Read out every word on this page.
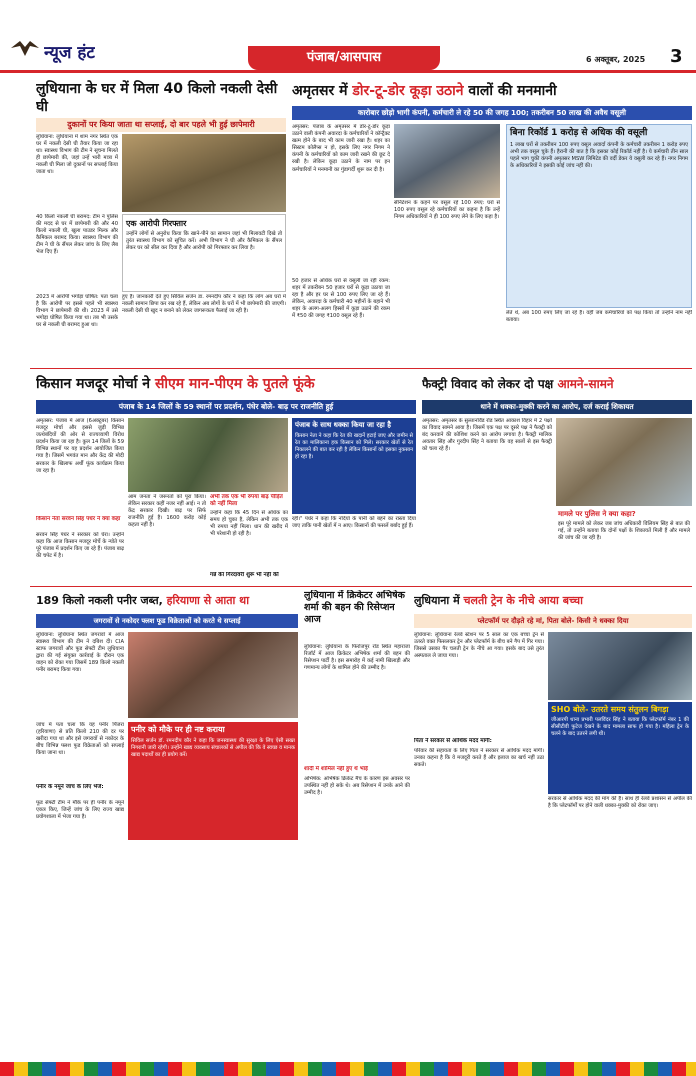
न्यूज हंट	पंजाब/आसपास	6 अक्तूबर, 2025 3
लुधियाना के घर में मिला 40 किलो नकली देसी घी
दुकानों पर किया जाता था सप्लाई, दो बार पहले भी हुई छापेमारी
लुधियाना: लुधियाना में शाम नगर स्थित एक घर में नकली देसी घी तैयार किया जा रहा था। स्वास्थ्य विभाग की टीम ने सूचना मिलते ही छापेमारी की, जहां उन्हें भारी मात्रा में नकली घी मिला जो दुकानों पर सप्लाई किया जाता था।
40 किलो नकली घी बरामद: टीम ने पुलिस की मदद से घर में छापेमारी की और 40 किलो नकली घी, खुला पाउडर मिल्क और कैमिकल बरामद किया। स्वास्थ्य विभाग की टीम ने घी के सैंपल लेकर जांच के लिए लैब भेज दिए हैं।
2023 में आरोपी भगोड़ा घोषित: पता चला है कि आरोपी पर इससे पहले भी स्वास्थ्य विभाग ने छापेमारी की थी। 2023 में उसे भगोड़ा घोषित किया गया था। तब भी उसके घर से नकली घी बरामद हुआ था।
एक आरोपी गिरफ्तार
उन्होंने लोगों से अनुरोध किया कि खाने-पीने का सामान जहां भी मिलावटी दिखे तो तुरंत स्वास्थ्य विभाग को सूचित करें। अभी विभाग ने घी और कैमिकल के सैंपल लेकर घर को सील कर दिया है और आरोपी को गिरफ्तार कर लिया है।
हुए हैं। जानकारी देते हुए सिविल सर्जन डा. रमनदीप कौर ने कहा कि लोग अब घरों में नकली सामान छिपा कर रख रहे हैं, लेकिन अब लोगों के घरों में भी छापेमारी की जाएगी। नकली देसी घी खुद न बनाने को लेकर जागरूकता फैलाई जा रही है।
अमृतसर में डोर-टू-डोर कूड़ा उठाने वालों की मनमानी
कारोबार छोड़ो भागी कंपनी, कर्मचारी ले रहे 50 की जगह 100; तकरीबन 50 लाख की अवैध वसूली
अमृतसर: पंजाब के अमृतसर में डोर-टू-डोर कूड़ा उठाने वाली कंपनी अवारदा के कर्मचारियों ने कॉन्ट्रैक्ट खत्म होने के बाद भी काम जारी रखा है। शहर का सिस्टम कोलैप्स न हो, इसके लिए नगर निगम ने कंपनी के कर्मचारियों को काम जारी रखने की छूट दे रखी है। लेकिन कूड़ा उठाने के नाम पर इन कर्मचारियों ने मनमानी का गुंडागर्दी शुरू कर दी है।
50 हजार से अधिक घरों से वसूली जा रही रकम: शहर में तकरीबन 50 हजार घरों से कूड़ा उठाया जा रहा है और हर घर से 100 रुपए लिए जा रहे हैं। लेकिन, अवारदा के कर्मचारी 40 महीनों के बहाने भी शहर के अलग-अलग हिस्सों में कूड़ा उठाने की रकम में ₹50 की जगह ₹100 वसूल रहे हैं।
सेनिटेशन के कहने पर वसूल रहे 100 रुपए: घरों से 100 रुपए वसूल रहे कर्मचारियों का कहना है कि उन्हें निगम अधिकारियों ने ही 100 रुपए लेने के लिए कहा है।
बिना रिकॉर्ड 1 करोड़ से अधिक की वसूली
1 लाख घरों से तकरीबन 100 रुपए वसूल अवार्दा कंपनी के कर्मचारी तकरीबन 1 करोड़ रुपए अभी तक वसूल चुके हैं। हैरानी की बात है कि इसका कोई रिकॉर्ड नहीं है। ये कर्मचारी तीन साल पहले भाग चुकी कंपनी अमृतसर MSW लिमिटेड की वर्दी डेकर ये वसूली कर रहे हैं। नगर निगम के अधिकारियों ने इसकी कोई जांच नहीं की।
लेते थे, अब 100 रुपए लिए जा रहे हैं। वहीं जब कर्मचारियों को पक्ष किया तो उन्होंने नाम नहीं बताया।
किसान मजदूर मोर्चा ने सीएम मान-पीएम के पुतले फूंके
पंजाब के 14 जिलों के 59 स्थानों पर प्रदर्शन, पंधेर बोले- बाढ़ पर राजनीति हुई
अमृतसर: पंजाब में आज (6अक्टूबर) किसान मजदूर मोर्चा और इससे जुड़ी विभिन्न जत्थेबंदियों की ओर से राज्यव्यापी विरोध प्रदर्शन किया जा रहा है। कुल 14 जिलों के 59 विभिन्न स्थानों पर यह प्रदर्शन आयोजित किया गया है। जिसमें भगवंत मान और केंद्र की मोदी सरकार के खिलाफ अर्थी फूंक कार्यक्रम किया जा रहा है।
किसान नेता सरवन सिंह पंधेर ने क्या कहा
सरवन सिंह पंधेर ने सरकार को घेरा। उन्होंने कहा कि आज किसान मजदूर मोर्चे के न्योते पर पूरे पंजाब में प्रदर्शन किए जा रहे हैं। पंजाब बाढ़ की चपेट में है।
आम जनता ने जरूरतों को पूरा किया। लेकिन सरकार कहीं नजर नहीं आई। न तो केंद्र सरकार दिखी। बाढ़ पर सिर्फ राजनीति हुई है। 1600 करोड़ कोई कहता नहीं है।
अभी तक एक भी रुपया बाढ़ पीड़ित को नहीं मिला
उन्होंने कहा कि 45 दिन से अधिक का समय हो चुका है, लेकिन अभी तक एक भी रुपया नहीं मिला। धान की खरीद में भी परेशानी हो रही है।
गन्ने की गिरदावरी शुरू भी नहीं की
पंजाब के साथ धक्का किया जा रहा है
किसान नेता ने कहा कि रेत की खदानें हटाई जाए और जमीन से रेत का मालिकाना हक किसान को मिले। सरकार खेतों से रेत निकालने की बात कर रही है लेकिन किसानों को इसका नुकसान हो रहा है।
रही।" पंधेर ने कहा कि नदियों के पानी को बहने का रास्ता दिया जाए ताकि पानी खेतों में न आए। किसानों की फसलें बर्बाद हुई हैं।
फैक्ट्री विवाद को लेकर दो पक्ष आमने-सामने
थाने में धक्का-मुक्की करने का आरोप, दर्ज कराई शिकायत
अमृतसर: अमृतसर के सुल्तानविंड रोड स्थित आकाश विहार में 2 पक्षों का विवाद सामने आया है। जिसमें एक पक्ष पर दूसरे पक्ष ने फैक्ट्री को बंद करवाने की कोशिश करने का आरोप लगाया है। फैक्ट्री मालिक अवतार सिंह और गुरदीप सिंह ने बताया कि वह सालों से इस फैक्ट्री को चला रहे हैं।
मामले पर पुलिस ने क्या कहा?
इस पूरे मामले को लेकर जब जांच अधिकारी विलियम सिंह से बात की गई, तो उन्होंने बताया कि दोनों पक्षों के शिकायतें मिली हैं और मामले की जांच की जा रही है।
189 किलो नकली पनीर जब्त, हरियाणा से आता था
जगरावों से नकोदर फ्लश फूड विक्रेताओं को करते थे सप्लाई
लुधियाना: लुधियाना स्थित जगरावों में आज स्वास्थ्य विभाग की टीम ने दबिश दी। CIA स्टाफ जगरावों और फूड सेफ्टी टीम लुधियाना द्वारा की गई संयुक्त कार्रवाई के दौरान एक वाहन को रोका गया जिसमें 189 किलो नकली पनीर बरामद किया गया।
जांच में पता चला कि यह पनीर पिंजरा (हरियाणा) से प्रति किलो 210 की दर पर खरीदा गया था और इसे जगरावों से नकोदर के बीच विभिन्न फ्लश फूड विक्रेताओं को सप्लाई किया जाना था।
पनीर के नमूने जांच के लिए भेजे:
फूड सेफ्टी टीम ने मौके पर ही पनीर के नमूने एकत्र किए, जिन्हें जांच के लिए राज्य खाद्य प्रयोगशाला में भेजा गया है।
पनीर को मौके पर ही नष्ट कराया
सिविल सर्जन डॉ. रमनदीप कौर ने कहा कि जनस्वास्थ्य की सुरक्षा के लिए ऐसी सख्त निगरानी जारी रहेगी। उन्होंने खाद्य व्यवसाय संचालकों से अपील की कि वे स्वच्छ व मानक खाद्य पदार्थों का ही प्रयोग करें।
लुधियाना में क्रिकेटर अभिषेक शर्मा की बहन की रिसेप्शन आज
लुधियाना: लुधियाना के फिरोजपुर रोड स्थित महाराजा रिजॉर्ट में आज क्रिकेटर अभिषेक शर्मा की बहन की रिसेप्शन पार्टी है। इस समारोह में कई नामी खिलाड़ी और गणमान्य लोगों के शामिल होने की उम्मीद है।
शादी में शामिल नहीं हुए थे भाई
अभिषेक: अभिषेक क्रिकेट मैच के कारण इस अवसर पर उपस्थित नहीं हो सके थे। अब रिसेप्शन में उनके आने की उम्मीद है।
लुधियाना में चलती ट्रेन के नीचे आया बच्चा
प्लेटफॉर्म पर दौड़ते रहे मां, पिता बोले- किसी ने धक्का दिया
लुधियाना: लुधियाना रेलवे स्टेशन पर 5 साल का एक बच्चा ट्रेन से उतरते वक्त फिसलकर ट्रेन और प्लेटफॉर्म के बीच बने गैप में गिर गया। जिससे उसका पैर चलती ट्रेन के नीचे आ गया। इसके बाद उसे तुरंत अस्पताल ले जाया गया।
पिता ने सरकार से आर्थिक मदद मांगी:
परिवार की सहायता के लिए पिता ने सरकार से आर्थिक मदद मांगी। उनका कहना है कि वे मजदूरी करते हैं और इलाज का खर्च नहीं उठा सकते।
SHO बोले- उतरते समय संतुलन बिगड़ा
जीआरपी थाना प्रभारी पलविंदर सिंह ने बताया कि प्लेटफॉर्म नंबर 1 की सीसीटीवी फुटेज देखने के बाद मामला साफ हो गया है। महिला ट्रेन के चलने के बाद उतरने लगी थी।
सरकार से आर्थिक मदद की मांग की है। साथ ही रेलवे प्रशासन से अपील की है कि प्लेटफॉर्मों पर होने वाली धक्का-मुक्की को रोका जाए।
